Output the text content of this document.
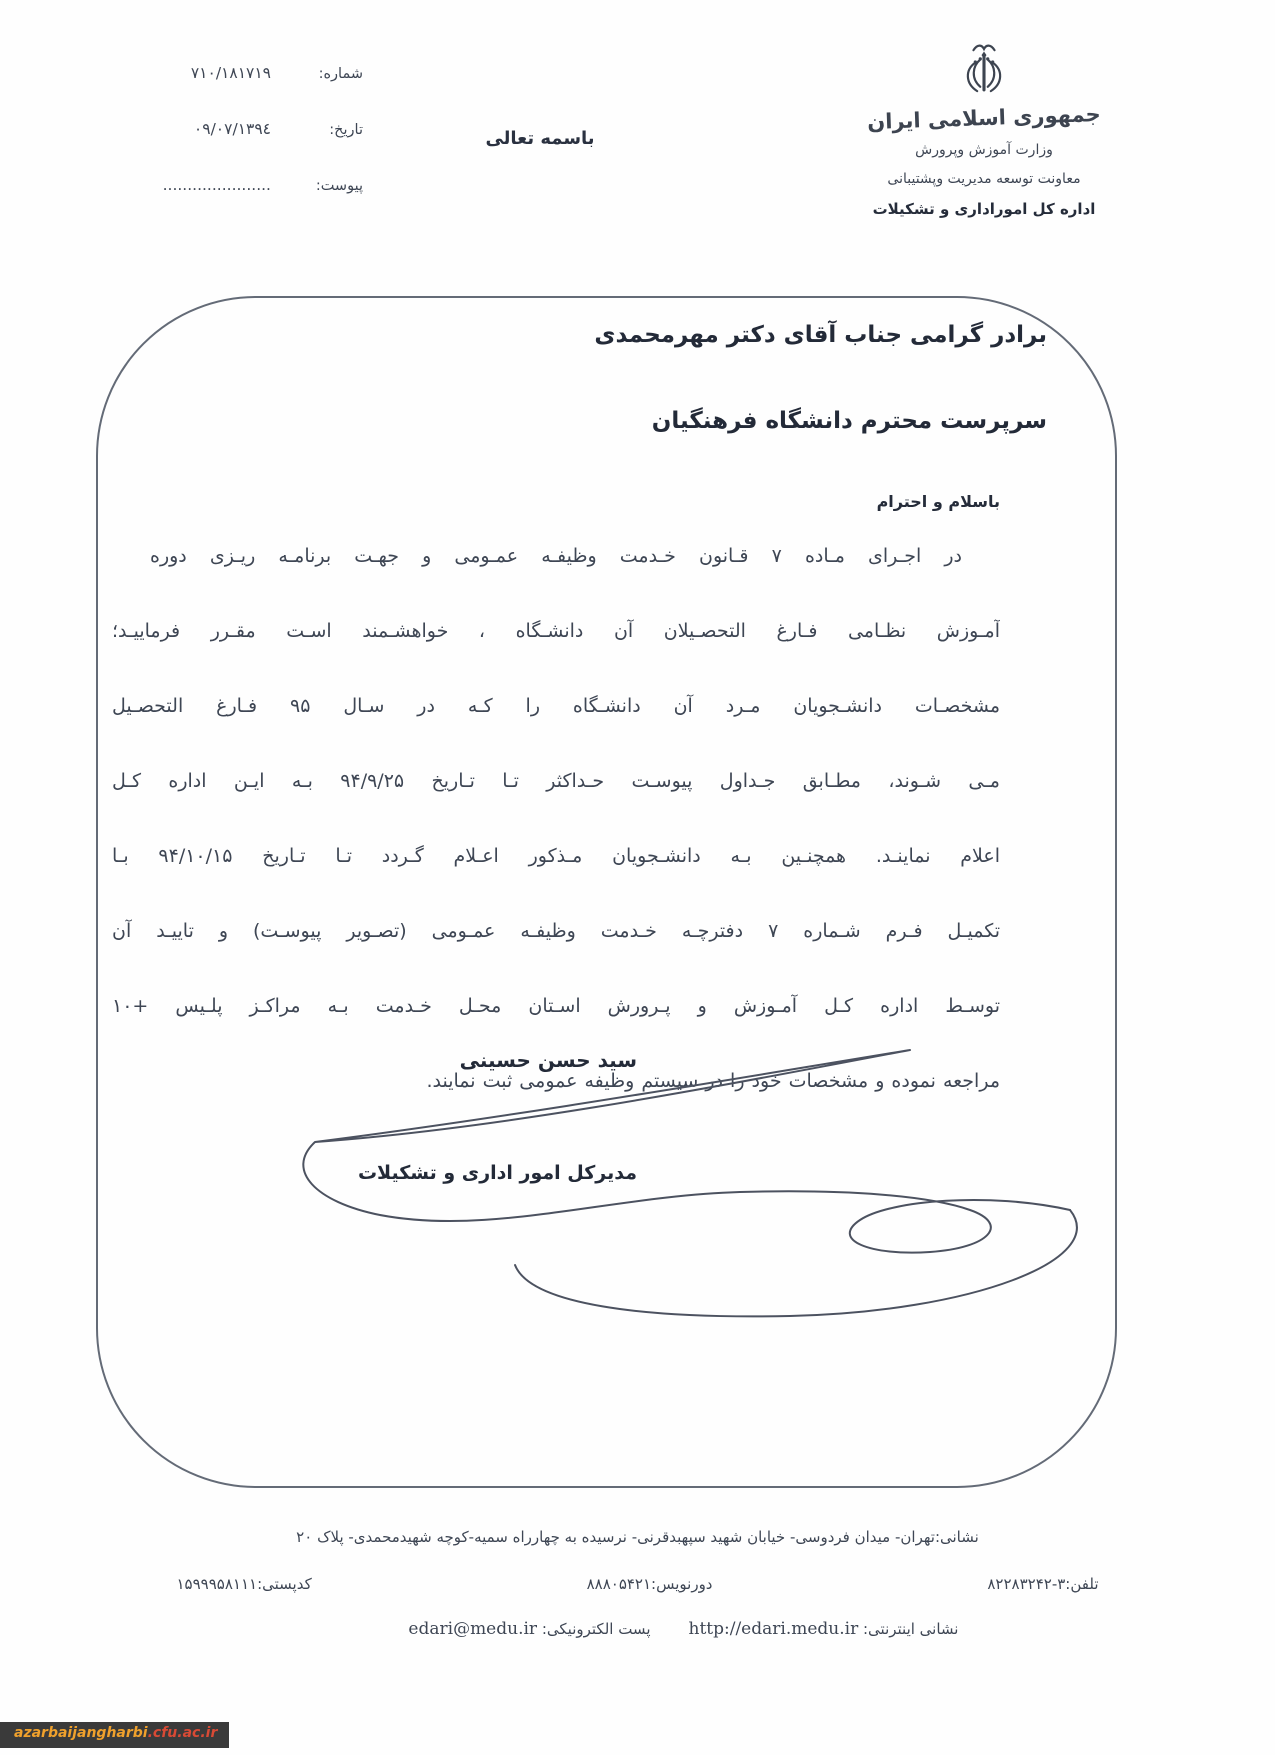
شماره:
۷۱۰/۱۸۱۷۱۹
تاریخ:
۱۳۹٤/۰۹/۰۷
پیوست:
......................
باسمه تعالی
جمهوری اسلامی ایران
وزارت آموزش وپرورش
معاونت توسعه مدیریت وپشتیبانی
اداره کل اموراداری و تشکیلات
برادر گرامی جناب آقای دکتر مهرمحمدی
سرپرست محترم دانشگاه فرهنگیان
باسلام و احترام
در اجـرای مـاده ۷ قـانون خـدمت وظیفـه عمـومی و جهـت برنامـه ریـزی دوره
آمـوزش نظـامی فـارغ التحصـیلان آن دانشـگاه ، خواهشـمند اسـت مقـرر فرماییـد؛
مشخصـات دانشـجویان مـرد آن دانشـگاه را کـه در سـال ۹۵ فـارغ التحصـیل
مـی شـوند، مطـابق جـداول پیوسـت حـداکثر تـا تـاریخ ۹۴/۹/۲۵ بـه ایـن اداره کـل
اعلام نماینـد. همچنـین بـه دانشـجویان مـذکور اعـلام گـردد تـا تـاریخ ۹۴/۱۰/۱۵ بـا
تکمیـل فـرم شـماره ۷ دفترچـه خـدمت وظیفـه عمـومی (تصـویر پیوسـت) و تاییـد آن
توسـط اداره کـل آمـوزش و پـرورش اسـتان محـل خـدمت بـه مراکـز پلـیس +۱۰
مراجعه نموده و مشخصات خود را در سیستم وظیفه عمومی ثبت نمایند.
سید حسن حسینی
مدیرکل امور اداری و تشکیلات
نشانی:تهران- میدان فردوسی- خیابان شهید سپهبدقرنی- نرسیده به چهارراه سمیه-کوچه شهیدمحمدی- پلاک ۲۰
تلفن:۳-۸۲۲۸۳۲۴۲
دورنویس:۸۸۸۰۵۴۲۱
کدپستی:۱۵۹۹۹۵۸۱۱۱
نشانی اینترنتی: http://edari.medu.ir
پست الکترونیکی: edari@medu.ir
azarbaijangharbi.cfu.ac.ir
